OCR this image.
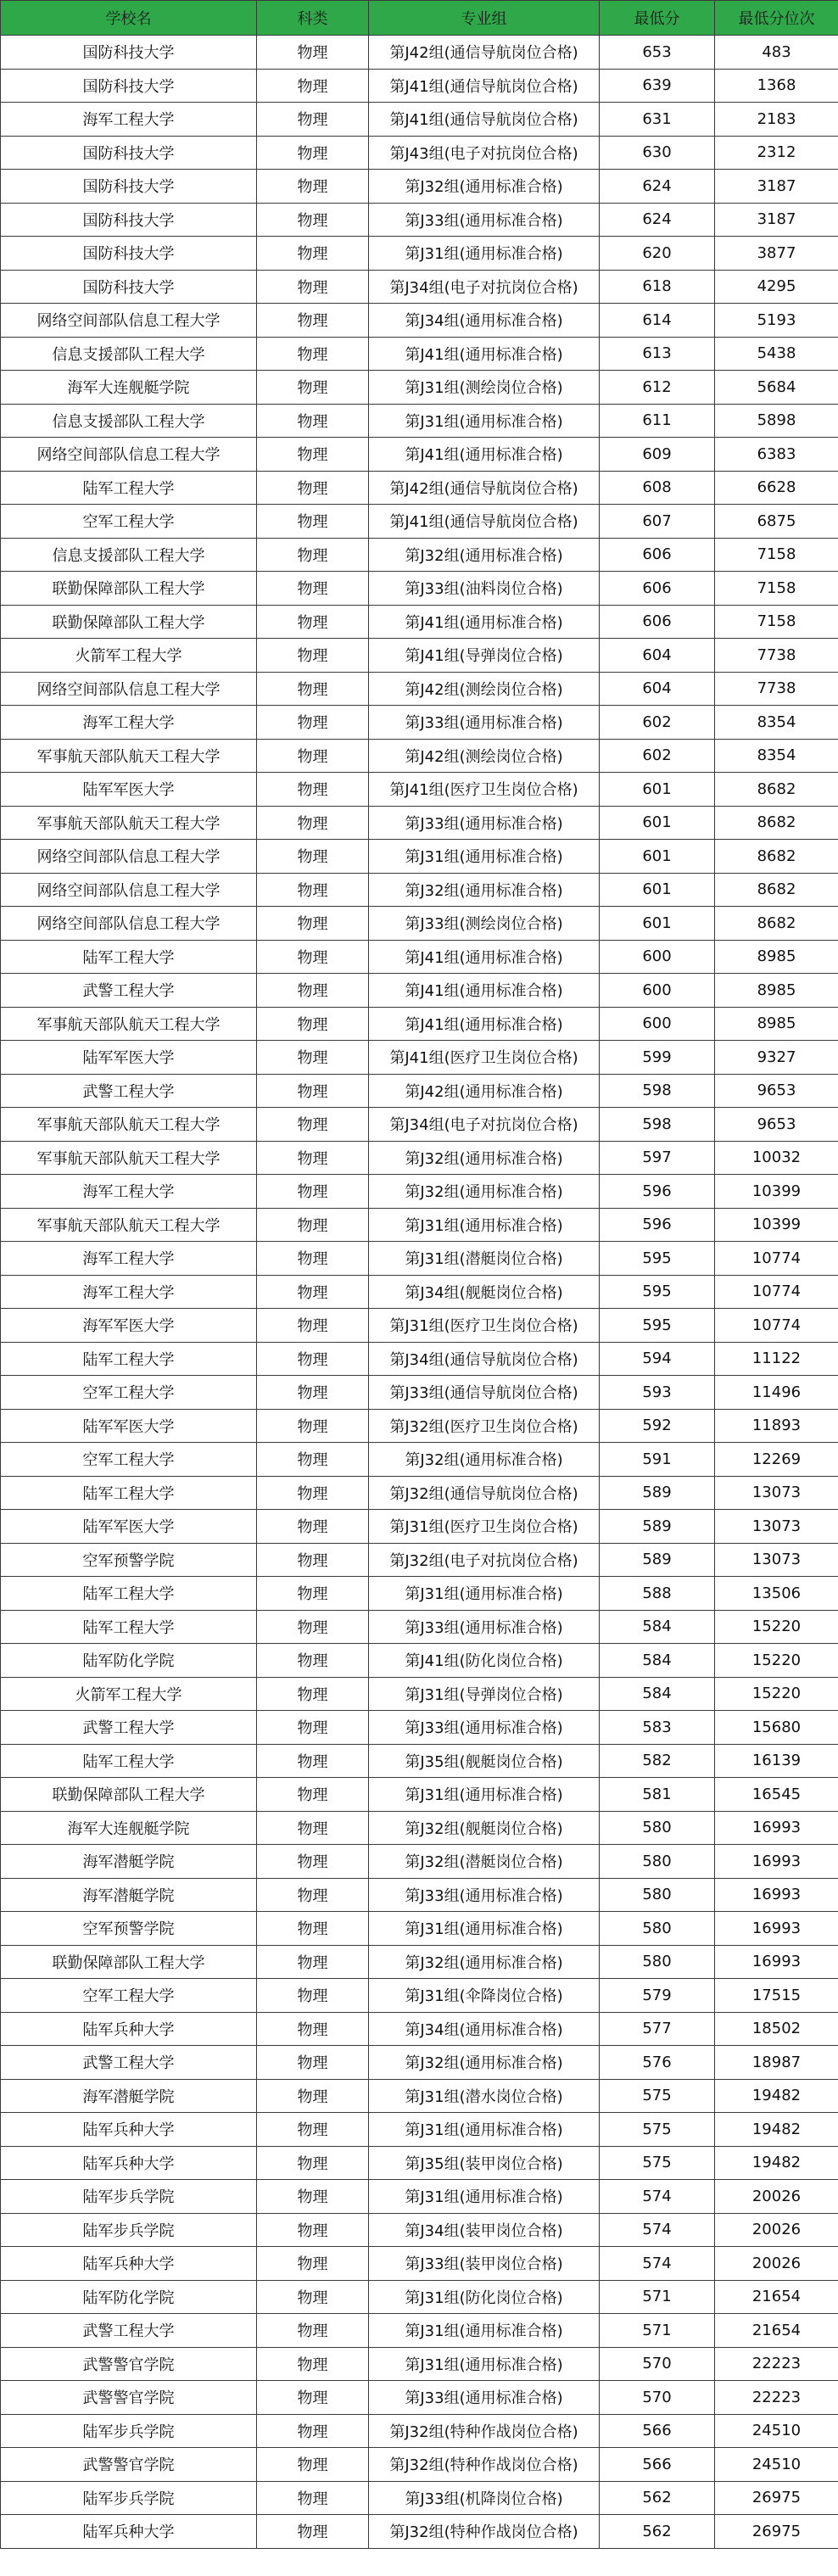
学校名	科类	专业组	最低分	最低分位次
国防科技大学	物理	第J42组(通信导航岗位合格)	653	483
国防科技大学	物理	第J41组(通信导航岗位合格)	639	1368
海军工程大学	物理	第J41组(通信导航岗位合格)	631	2183
国防科技大学	物理	第J43组(电子对抗岗位合格)	630	2312
国防科技大学	物理	第J32组(通用标准合格)	624	3187
国防科技大学	物理	第J33组(通用标准合格)	624	3187
国防科技大学	物理	第J31组(通用标准合格)	620	3877
国防科技大学	物理	第J34组(电子对抗岗位合格)	618	4295
网络空间部队信息工程大学	物理	第J34组(通用标准合格)	614	5193
信息支援部队工程大学	物理	第J41组(通用标准合格)	613	5438
海军大连舰艇学院	物理	第J31组(测绘岗位合格)	612	5684
信息支援部队工程大学	物理	第J31组(通用标准合格)	611	5898
网络空间部队信息工程大学	物理	第J41组(通用标准合格)	609	6383
陆军工程大学	物理	第J42组(通信导航岗位合格)	608	6628
空军工程大学	物理	第J41组(通信导航岗位合格)	607	6875
信息支援部队工程大学	物理	第J32组(通用标准合格)	606	7158
联勤保障部队工程大学	物理	第J33组(油料岗位合格)	606	7158
联勤保障部队工程大学	物理	第J41组(通用标准合格)	606	7158
火箭军工程大学	物理	第J41组(导弹岗位合格)	604	7738
网络空间部队信息工程大学	物理	第J42组(测绘岗位合格)	604	7738
海军工程大学	物理	第J33组(通用标准合格)	602	8354
军事航天部队航天工程大学	物理	第J42组(测绘岗位合格)	602	8354
陆军军医大学	物理	第J41组(医疗卫生岗位合格)	601	8682
军事航天部队航天工程大学	物理	第J33组(通用标准合格)	601	8682
网络空间部队信息工程大学	物理	第J31组(通用标准合格)	601	8682
网络空间部队信息工程大学	物理	第J32组(通用标准合格)	601	8682
网络空间部队信息工程大学	物理	第J33组(测绘岗位合格)	601	8682
陆军工程大学	物理	第J41组(通用标准合格)	600	8985
武警工程大学	物理	第J41组(通用标准合格)	600	8985
军事航天部队航天工程大学	物理	第J41组(通用标准合格)	600	8985
陆军军医大学	物理	第J41组(医疗卫生岗位合格)	599	9327
武警工程大学	物理	第J42组(通用标准合格)	598	9653
军事航天部队航天工程大学	物理	第J34组(电子对抗岗位合格)	598	9653
军事航天部队航天工程大学	物理	第J32组(通用标准合格)	597	10032
海军工程大学	物理	第J32组(通用标准合格)	596	10399
军事航天部队航天工程大学	物理	第J31组(通用标准合格)	596	10399
海军工程大学	物理	第J31组(潜艇岗位合格)	595	10774
海军工程大学	物理	第J34组(舰艇岗位合格)	595	10774
海军军医大学	物理	第J31组(医疗卫生岗位合格)	595	10774
陆军工程大学	物理	第J34组(通信导航岗位合格)	594	11122
空军工程大学	物理	第J33组(通信导航岗位合格)	593	11496
陆军军医大学	物理	第J32组(医疗卫生岗位合格)	592	11893
空军工程大学	物理	第J32组(通用标准合格)	591	12269
陆军工程大学	物理	第J32组(通信导航岗位合格)	589	13073
陆军军医大学	物理	第J31组(医疗卫生岗位合格)	589	13073
空军预警学院	物理	第J32组(电子对抗岗位合格)	589	13073
陆军工程大学	物理	第J31组(通用标准合格)	588	13506
陆军工程大学	物理	第J33组(通用标准合格)	584	15220
陆军防化学院	物理	第J41组(防化岗位合格)	584	15220
火箭军工程大学	物理	第J31组(导弹岗位合格)	584	15220
武警工程大学	物理	第J33组(通用标准合格)	583	15680
陆军工程大学	物理	第J35组(舰艇岗位合格)	582	16139
联勤保障部队工程大学	物理	第J31组(通用标准合格)	581	16545
海军大连舰艇学院	物理	第J32组(舰艇岗位合格)	580	16993
海军潜艇学院	物理	第J32组(潜艇岗位合格)	580	16993
海军潜艇学院	物理	第J33组(通用标准合格)	580	16993
空军预警学院	物理	第J31组(通用标准合格)	580	16993
联勤保障部队工程大学	物理	第J32组(通用标准合格)	580	16993
空军工程大学	物理	第J31组(伞降岗位合格)	579	17515
陆军兵种大学	物理	第J34组(通用标准合格)	577	18502
武警工程大学	物理	第J32组(通用标准合格)	576	18987
海军潜艇学院	物理	第J31组(潜水岗位合格)	575	19482
陆军兵种大学	物理	第J31组(通用标准合格)	575	19482
陆军兵种大学	物理	第J35组(装甲岗位合格)	575	19482
陆军步兵学院	物理	第J31组(通用标准合格)	574	20026
陆军步兵学院	物理	第J34组(装甲岗位合格)	574	20026
陆军兵种大学	物理	第J33组(装甲岗位合格)	574	20026
陆军防化学院	物理	第J31组(防化岗位合格)	571	21654
武警工程大学	物理	第J31组(通用标准合格)	571	21654
武警警官学院	物理	第J31组(通用标准合格)	570	22223
武警警官学院	物理	第J33组(通用标准合格)	570	22223
陆军步兵学院	物理	第J32组(特种作战岗位合格)	566	24510
武警警官学院	物理	第J32组(特种作战岗位合格)	566	24510
陆军步兵学院	物理	第J33组(机降岗位合格)	562	26975
陆军兵种大学	物理	第J32组(特种作战岗位合格)	562	26975
